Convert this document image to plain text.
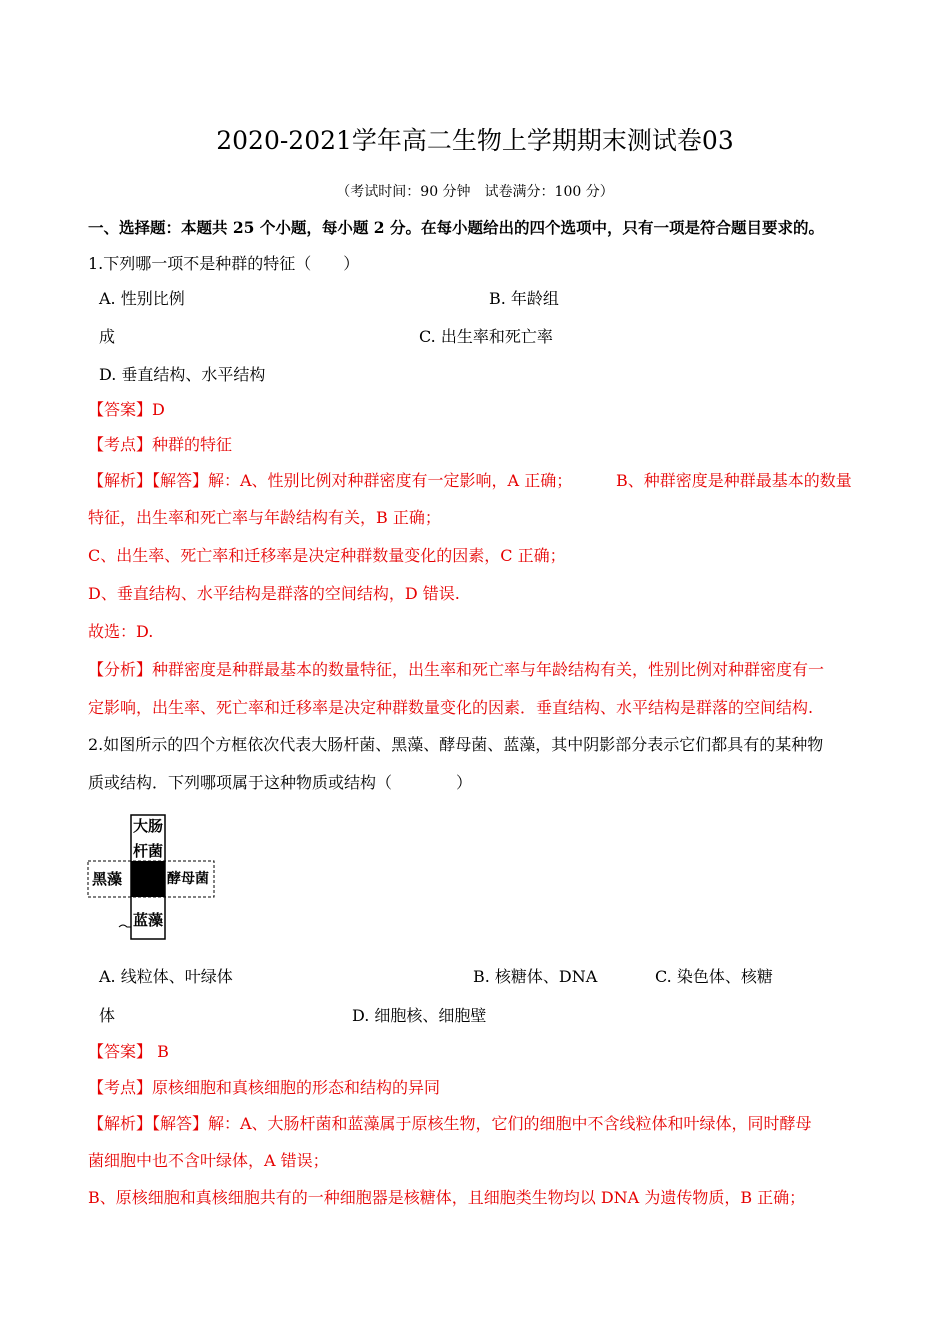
2020-2021学年高二生物上学期期末测试卷03
（考试时间：90 分钟　试卷满分：100 分）
一、选择题：本题共 25 个小题，每小题 2 分。在每小题给出的四个选项中，只有一项是符合题目要求的。
1.下列哪一项不是种群的特征（　　）
A. 性别比例	B. 年龄组
成	C. 出生率和死亡率
D. 垂直结构、水平结构
【答案】D
【考点】种群的特征
【解析】【解答】解：A、性别比例对种群密度有一定影响，A 正确；	B、种群密度是种群最基本的数量
特征，出生率和死亡率与年龄结构有关，B 正确；
C、出生率、死亡率和迁移率是决定种群数量变化的因素，C 正确；
D、垂直结构、水平结构是群落的空间结构，D 错误.
故选：D.
【分析】种群密度是种群最基本的数量特征，出生率和死亡率与年龄结构有关，性别比例对种群密度有一
定影响，出生率、死亡率和迁移率是决定种群数量变化的因素．垂直结构、水平结构是群落的空间结构.
2.如图所示的四个方框依次代表大肠杆菌、黑藻、酵母菌、蓝藻，其中阴影部分表示它们都具有的某种物
质或结构．下列哪项属于这种物质或结构（　　　　）
大肠
杆菌
黑藻	酵母菌
蓝藻
A. 线粒体、叶绿体	B. 核糖体、DNA	C. 染色体、核糖
体	D. 细胞核、细胞壁
【答案】 B
【考点】原核细胞和真核细胞的形态和结构的异同
【解析】【解答】解：A、大肠杆菌和蓝藻属于原核生物，它们的细胞中不含线粒体和叶绿体，同时酵母
菌细胞中也不含叶绿体，A 错误；
B、原核细胞和真核细胞共有的一种细胞器是核糖体，且细胞类生物均以 DNA 为遗传物质，B 正确；
